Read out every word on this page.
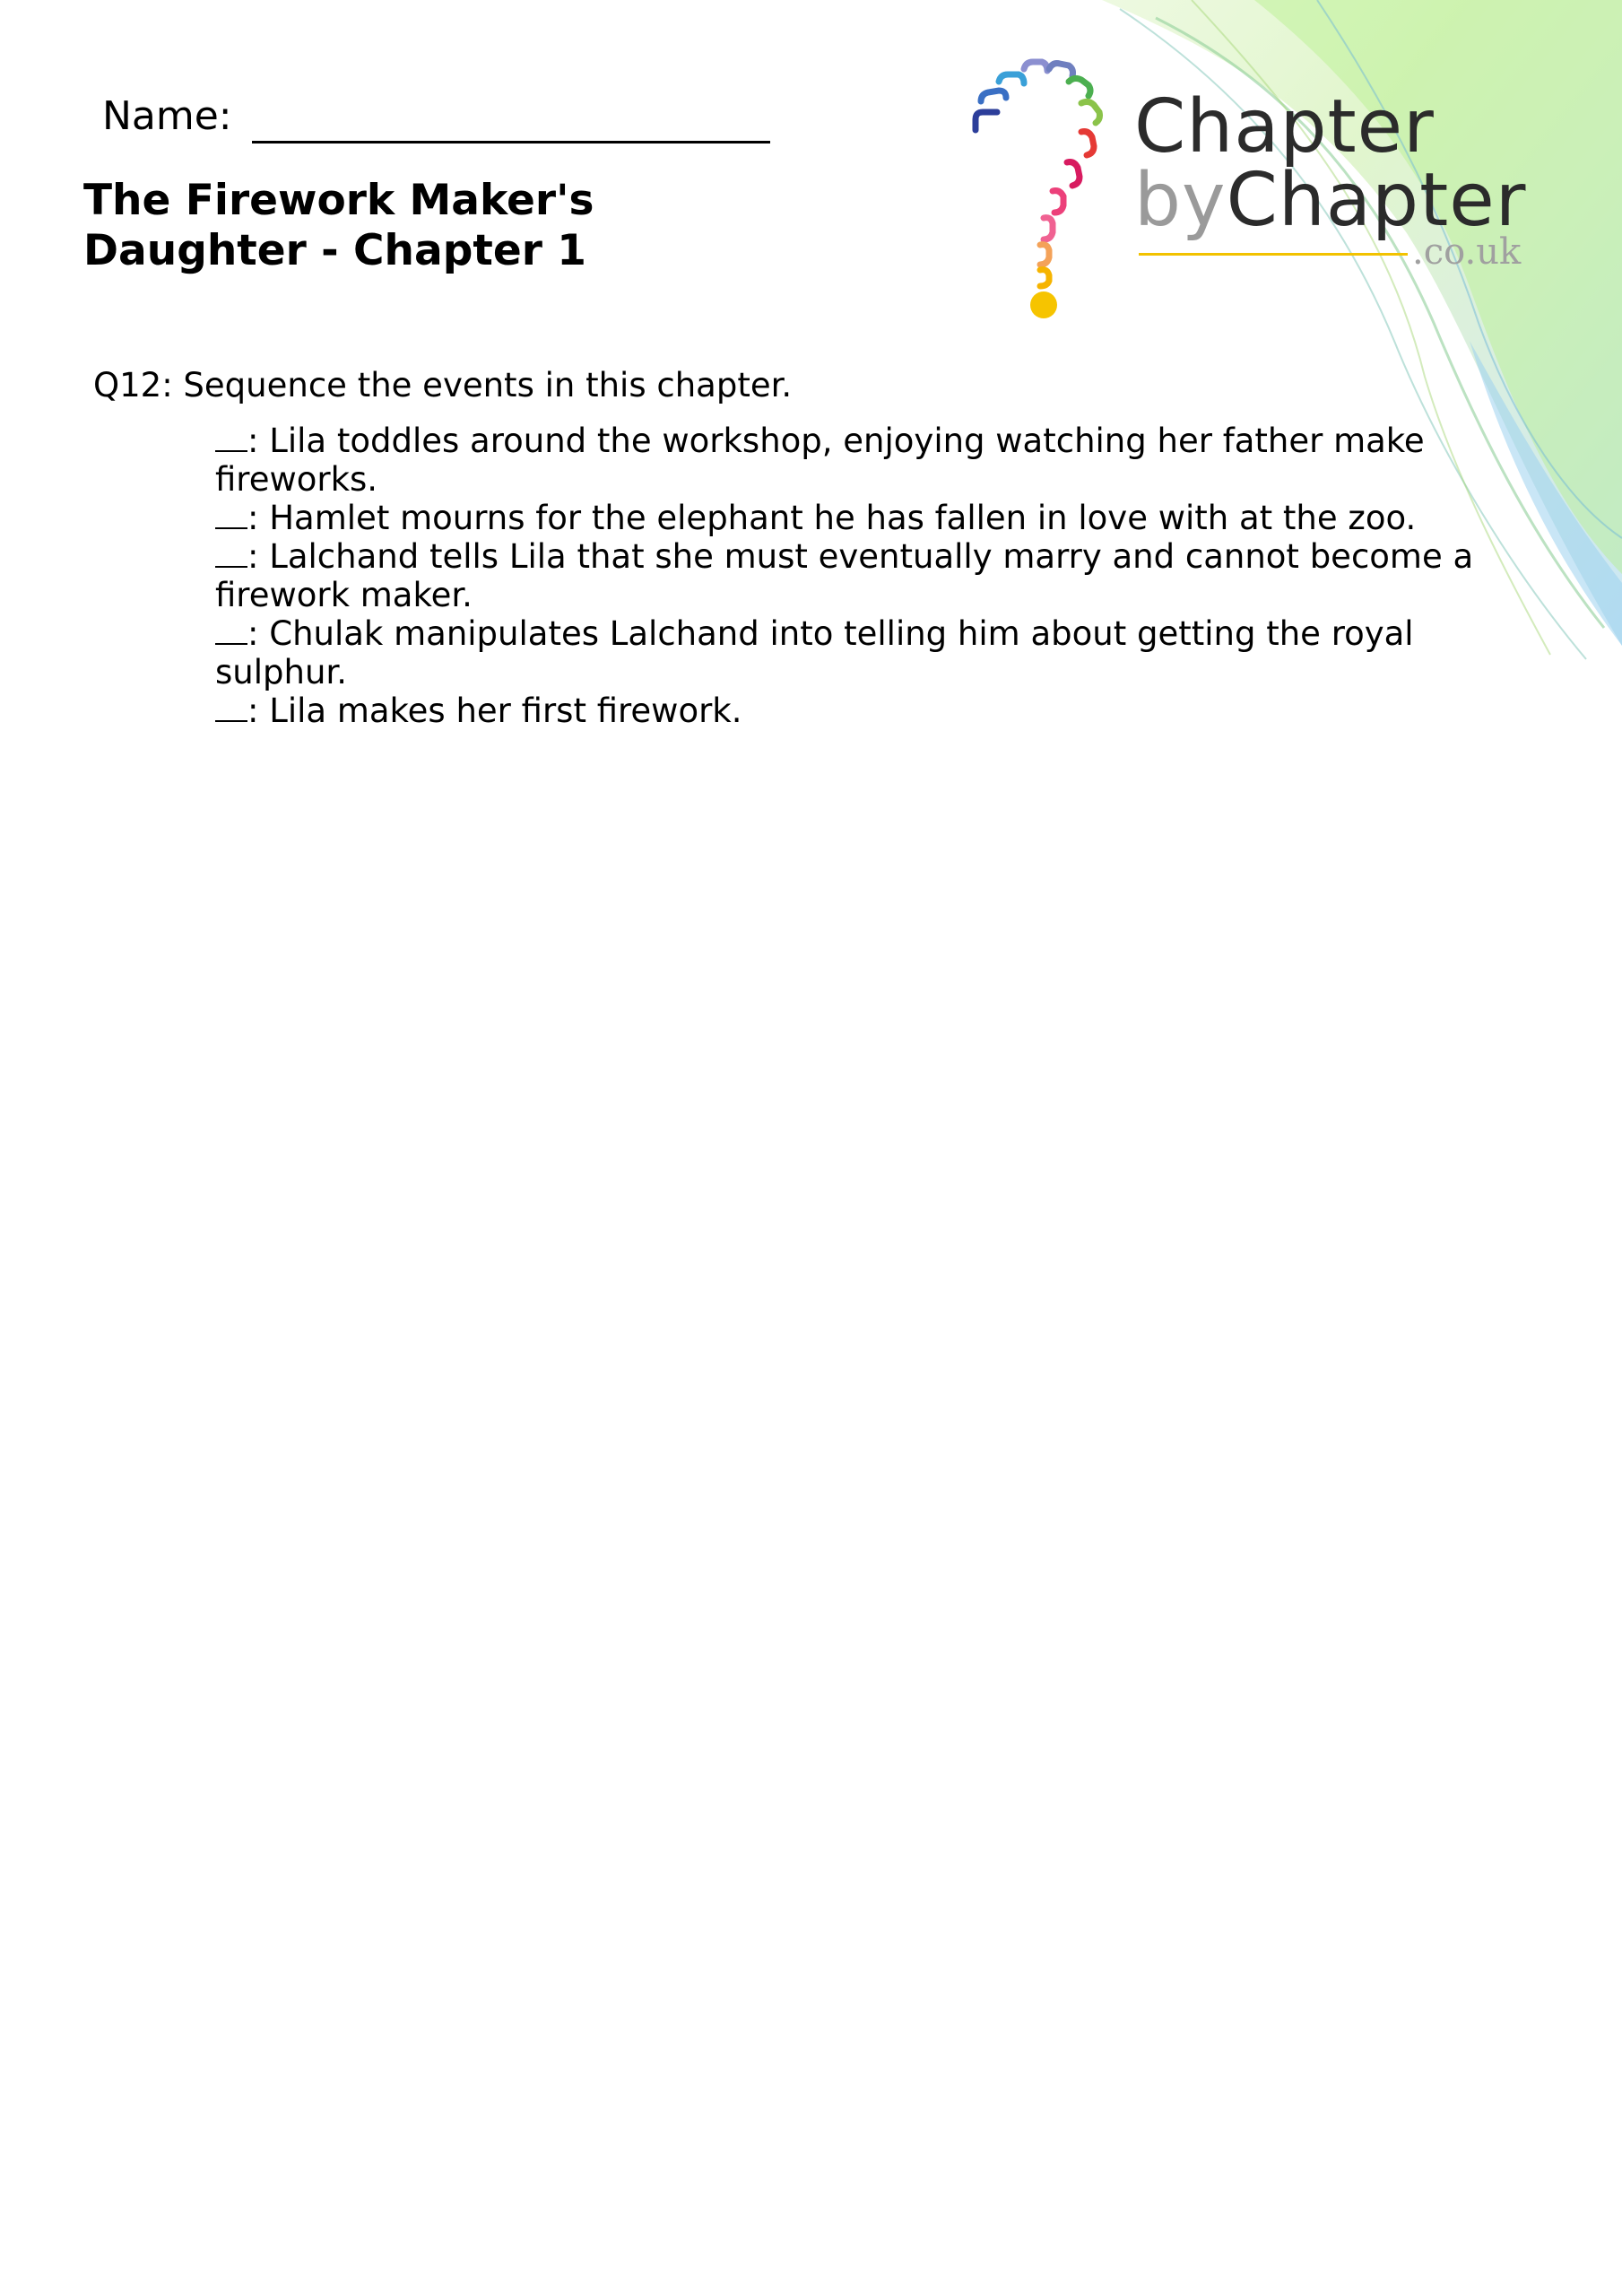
Name:
The Firework Maker's
Daughter - Chapter 1
Chapter
byChapter
.co.uk
Q12: Sequence the events in this chapter.

: Lila toddles around the workshop, enjoying watching her father make fireworks.

: Hamlet mourns for the elephant he has fallen in love with at the zoo.

: Lalchand tells Lila that she must eventually marry and cannot become a firework maker.

: Chulak manipulates Lalchand into telling him about getting the royal sulphur.

: Lila makes her first firework.
